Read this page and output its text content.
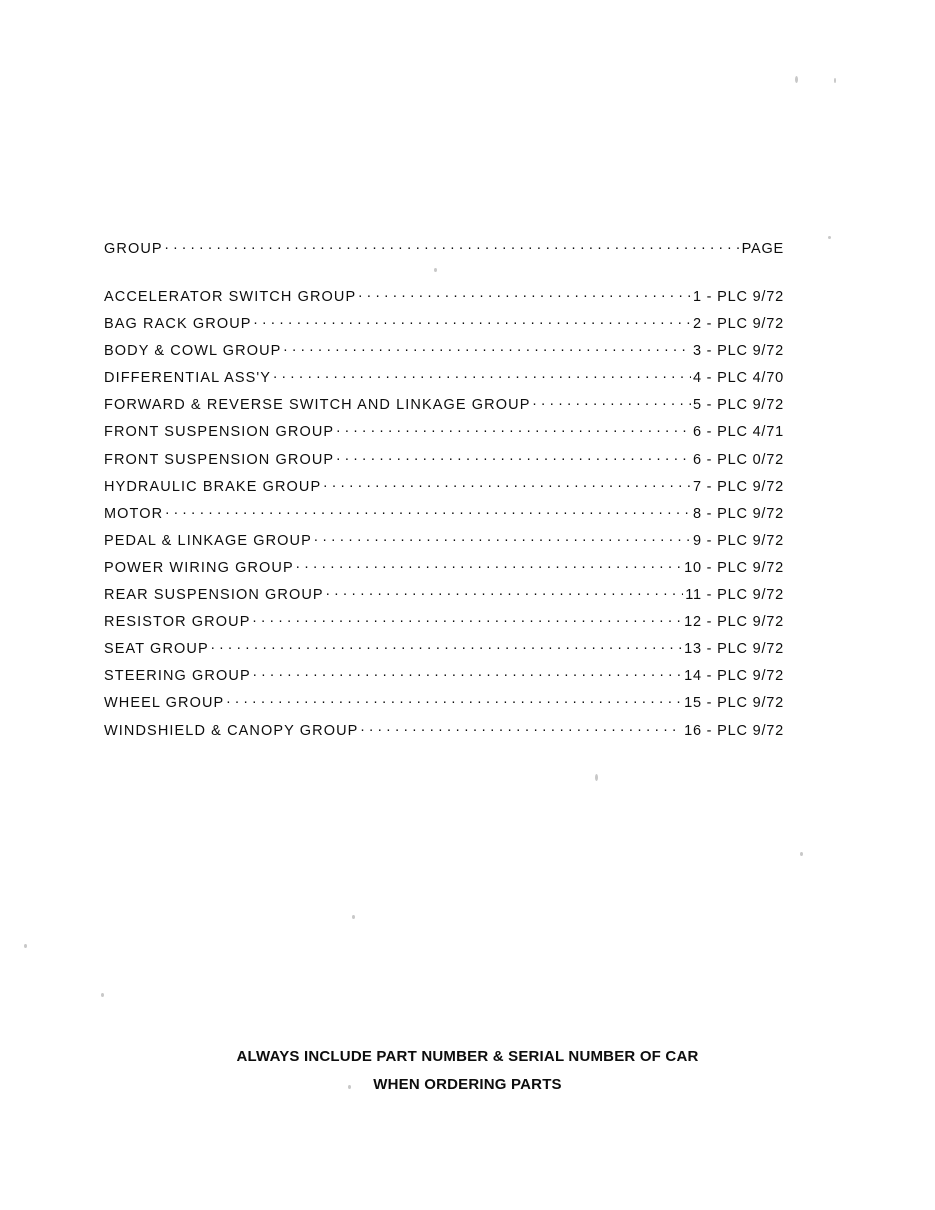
GROUP . . .	PAGE
ACCELERATOR SWITCH GROUP . . .	1 - PLC 9/72
BAG RACK GROUP . . .	2 - PLC 9/72
BODY & COWL GROUP . . .	3 - PLC 9/72
DIFFERENTIAL ASS'Y . . .	4 - PLC 4/70
FORWARD & REVERSE SWITCH AND LINKAGE GROUP . . .	5 - PLC 9/72
FRONT SUSPENSION GROUP . . .	6 - PLC 4/71
FRONT SUSPENSION GROUP . . .	6 - PLC 0/72
HYDRAULIC BRAKE GROUP . . .	7 - PLC 9/72
MOTOR . . .	8 - PLC 9/72
PEDAL & LINKAGE GROUP . . .	9 - PLC 9/72
POWER WIRING GROUP . . .	10 - PLC 9/72
REAR SUSPENSION GROUP . . .	11 - PLC 9/72
RESISTOR GROUP . . .	12 - PLC 9/72
SEAT GROUP . . .	13 - PLC 9/72
STEERING GROUP . . .	14 - PLC 9/72
WHEEL GROUP . . .	15 - PLC 9/72
WINDSHIELD & CANOPY GROUP . . .	16 - PLC 9/72
ALWAYS INCLUDE PART NUMBER & SERIAL NUMBER OF CAR
WHEN ORDERING PARTS
